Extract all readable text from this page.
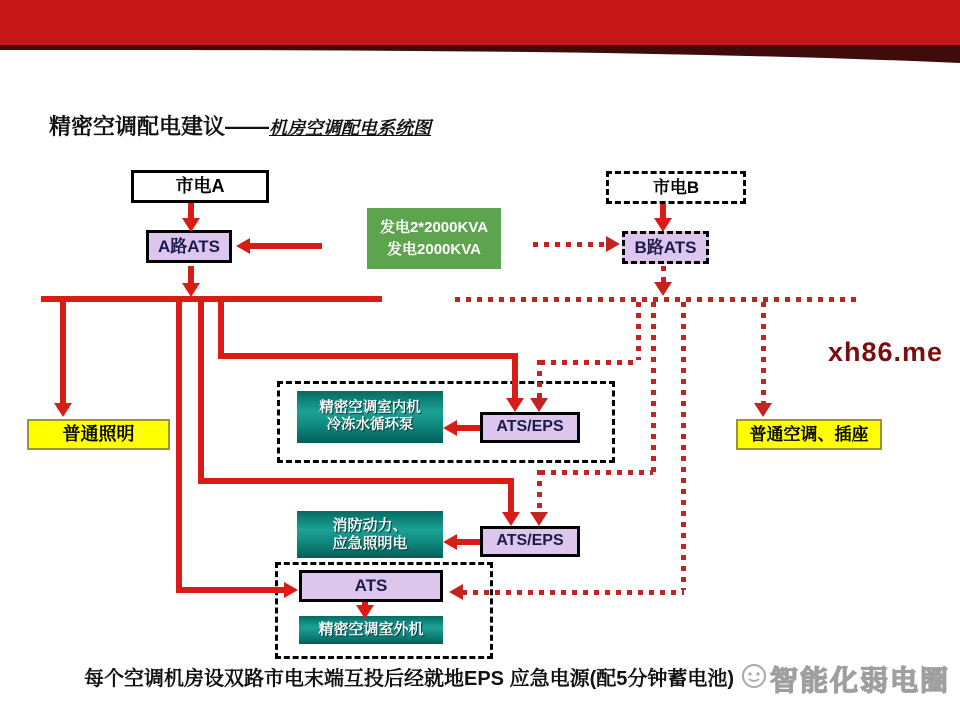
精密空调配电建议——机房空调配电系统图
市电A
A路ATS
发电2*2000KVA
发电2000KVA
市电B
B路ATS
普通照明	普通空调、插座
精密空调室内机
冷冻水循环泵	ATS/EPS
消防动力、
应急照明电	ATS/EPS
ATS
精密空调室外机
每个空调机房设双路市电末端互投后经就地EPS 应急电源(配5分钟蓄电池)
xh86.me
智能化弱电圈
